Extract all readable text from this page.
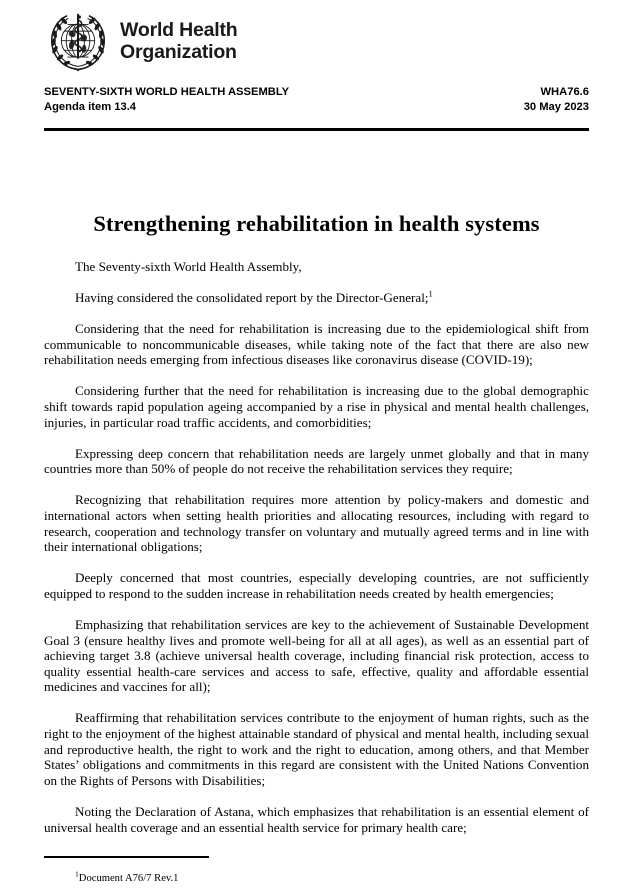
World Health
Organization
SEVENTY-SIXTH WORLD HEALTH ASSEMBLY	WHA76.6
Agenda item 13.4	30 May 2023
Strengthening rehabilitation in health systems

The Seventy-sixth World Health Assembly,

Having considered the consolidated report by the Director-General;$^1$

Considering that the need for rehabilitation is increasing due to the epidemiological shift from communicable to noncommunicable diseases, while taking note of the fact that there are also new rehabilitation needs emerging from infectious diseases like coronavirus disease (COVID-19);

Considering further that the need for rehabilitation is increasing due to the global demographic shift towards rapid population ageing accompanied by a rise in physical and mental health challenges, injuries, in particular road traffic accidents, and comorbidities;

Expressing deep concern that rehabilitation needs are largely unmet globally and that in many countries more than 50% of people do not receive the rehabilitation services they require;

Recognizing that rehabilitation requires more attention by policy-makers and domestic and international actors when setting health priorities and allocating resources, including with regard to research, cooperation and technology transfer on voluntary and mutually agreed terms and in line with their international obligations;

Deeply concerned that most countries, especially developing countries, are not sufficiently equipped to respond to the sudden increase in rehabilitation needs created by health emergencies;

Emphasizing that rehabilitation services are key to the achievement of Sustainable Development Goal 3 (ensure healthy lives and promote well-being for all at all ages), as well as an essential part of achieving target 3.8 (achieve universal health coverage, including financial risk protection, access to quality essential health-care services and access to safe, effective, quality and affordable essential medicines and vaccines for all);

Reaffirming that rehabilitation services contribute to the enjoyment of human rights, such as the right to the enjoyment of the highest attainable standard of physical and mental health, including sexual and reproductive health, the right to work and the right to education, among others, and that Member States’ obligations and commitments in this regard are consistent with the United Nations Convention on the Rights of Persons with Disabilities;

Noting the Declaration of Astana, which emphasizes that rehabilitation is an essential element of universal health coverage and an essential health service for primary health care;

$^1$Document A76/7 Rev.1
